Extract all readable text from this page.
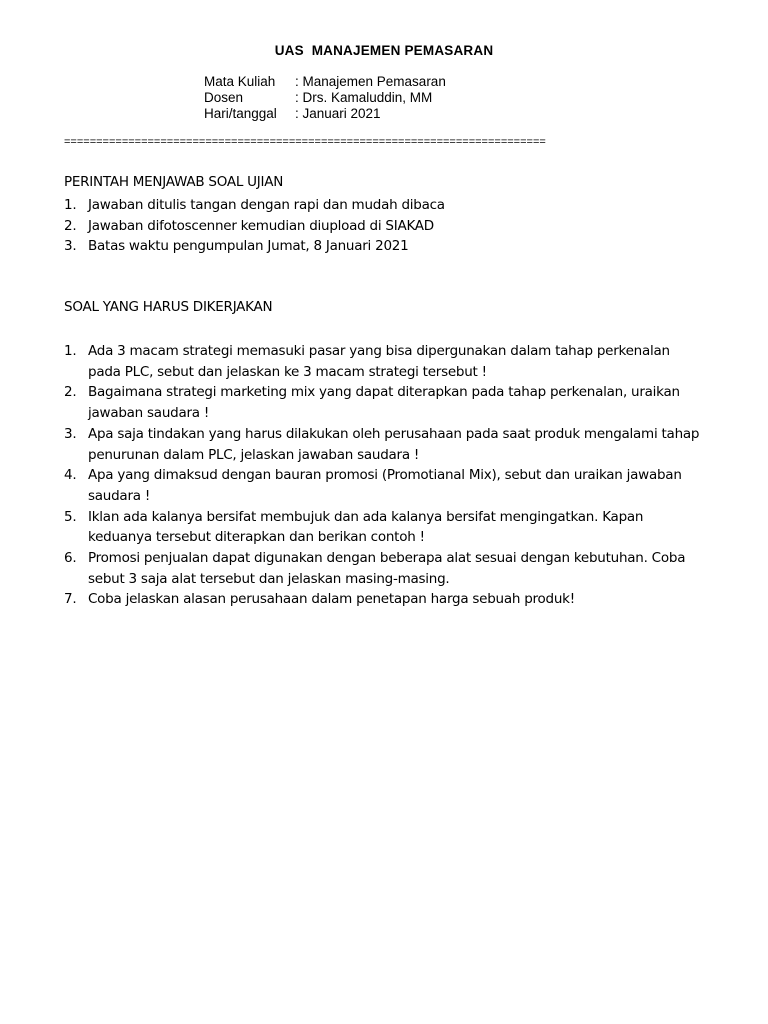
UAS  MANAJEMEN PEMASARAN
Mata Kuliah	: Manajemen Pemasaran
Dosen	: Drs. Kamaluddin, MM
Hari/tanggal	: Januari 2021
===========================================================================
PERINTAH MENJAWAB SOAL UJIAN
1. Jawaban ditulis tangan dengan rapi dan mudah dibaca
2. Jawaban difotoscenner kemudian diupload di SIAKAD
3. Batas waktu pengumpulan Jumat, 8 Januari 2021
SOAL YANG HARUS DIKERJAKAN
1. Ada 3 macam strategi memasuki pasar yang bisa dipergunakan dalam tahap perkenalan pada PLC, sebut dan jelaskan ke 3 macam strategi tersebut !
2. Bagaimana strategi marketing mix yang dapat diterapkan pada tahap perkenalan, uraikan jawaban saudara !
3. Apa saja tindakan yang harus dilakukan oleh perusahaan pada saat produk mengalami tahap penurunan dalam PLC, jelaskan jawaban saudara !
4. Apa yang dimaksud dengan bauran promosi (Promotianal Mix), sebut dan uraikan jawaban saudara !
5. Iklan ada kalanya bersifat membujuk dan ada kalanya bersifat mengingatkan. Kapan keduanya tersebut diterapkan dan berikan contoh !
6. Promosi penjualan dapat digunakan dengan beberapa alat sesuai dengan kebutuhan. Coba sebut 3 saja alat tersebut dan jelaskan masing-masing.
7. Coba jelaskan alasan perusahaan dalam penetapan harga sebuah produk!
